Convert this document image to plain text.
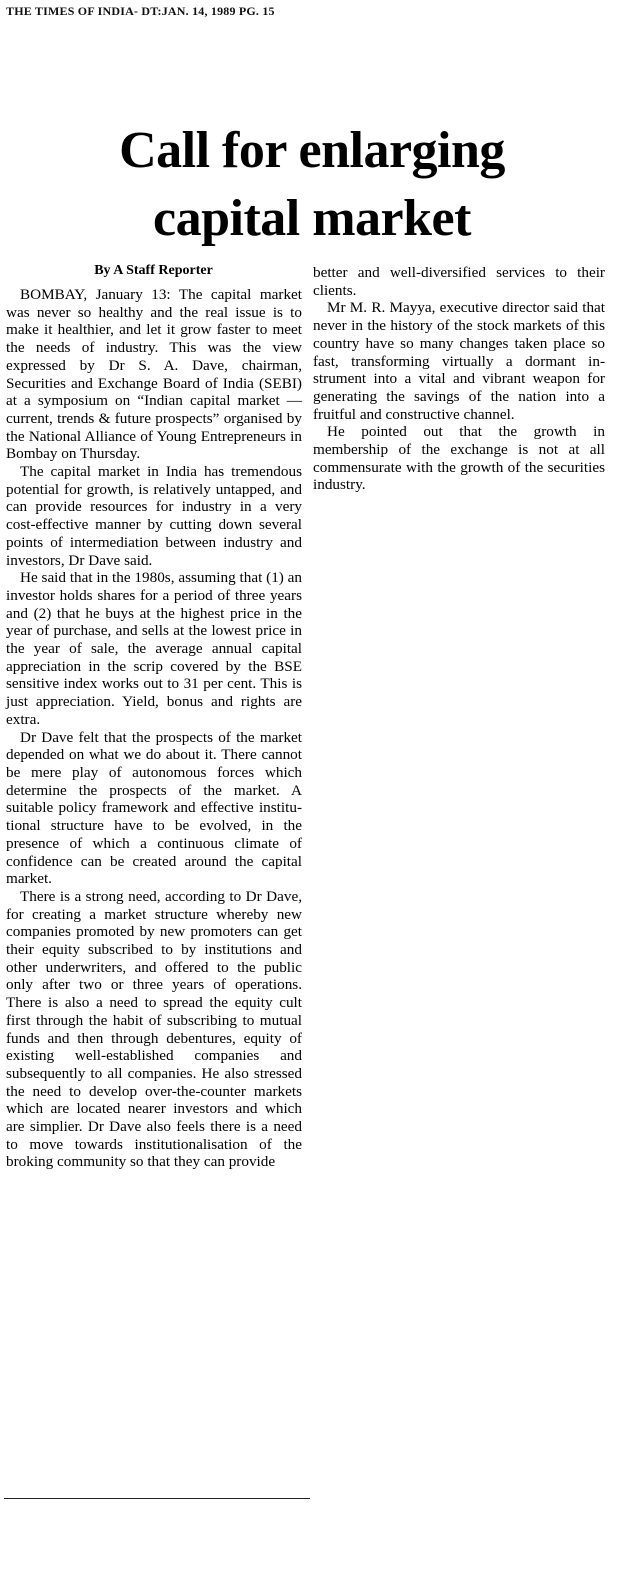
THE TIMES OF INDIA- DT:JAN. 14, 1989 PG. 15
Call for enlarging
capital market
By A Staff Reporter

BOMBAY, January 13: The capital market was never so healthy and the real issue is to make it healthier, and let it grow faster to meet the needs of industry. This was the view expressed by Dr S. A. Dave, chairman, Securities and Exchange Board of India (SEBI) at a symposium on “Indian capital market — current, trends & future prospects” organised by the National Alliance of Young Entrepreneurs in Bombay on Thursday.

The capital market in India has tremendous potential for growth, is relatively untapped, and can provide resources for industry in a very cost-effective manner by cutting down several points of intermediation between industry and investors, Dr Dave said.

He said that in the 1980s, assuming that (1) an investor holds shares for a period of three years and (2) that he buys at the highest price in the year of purchase, and sells at the lowest price in the year of sale, the average annual capital appreciation in the scrip covered by the BSE sensitive index works out to 31 per cent. This is just appreciation. Yield, bonus and rights are extra.

Dr Dave felt that the prospects of the market depended on what we do about it. There cannot be mere play of autonomous forces which determine the prospects of the market. A suitable policy framework and effective institutional structure have to be evolved, in the presence of which a continuous climate of confidence can be created around the capital market.

There is a strong need, according to Dr Dave, for creating a market structure whereby new companies promoted by new promoters can get their equity subscribed to by institutions and other underwriters, and offered to the public only after two or three years of operations. There is also a need to spread the equity cult first through the habit of subscribing to mutual funds and then through debentures, equity of existing well-established companies and subsequently to all companies. He also stressed the need to develop over-the-counter markets which are located nearer investors and which are simplier. Dr Dave also feels there is a need to move towards institutionalisation of the broking community so that they can provide

better and well-diversified services to their clients.

Mr M. R. Mayya, executive director said that never in the history of the stock markets of this country have so many changes taken place so fast, transforming virtually a dormant instrument into a vital and vibrant weapon for generating the savings of the nation into a fruitful and constructive channel.

He pointed out that the growth in membership of the exchange is not at all commensurate with the growth of the securities industry.
